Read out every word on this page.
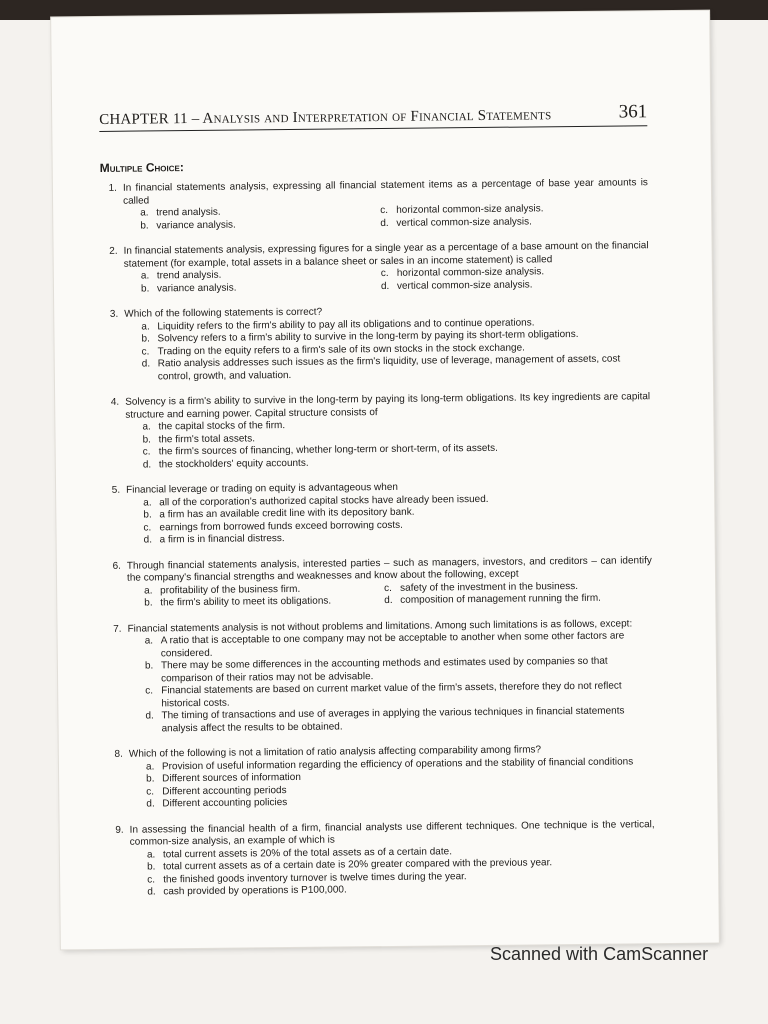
CHAPTER 11 – Analysis and Interpretation of Financial Statements	361
Multiple Choice:
1. In financial statements analysis, expressing all financial statement items as a percentage of base year amounts is called
a. trend analysis.	c. horizontal common-size analysis.
b. variance analysis.	d. vertical common-size analysis.
2. In financial statements analysis, expressing figures for a single year as a percentage of a base amount on the financial statement (for example, total assets in a balance sheet or sales in an income statement) is called
a. trend analysis.	c. horizontal common-size analysis.
b. variance analysis.	d. vertical common-size analysis.
3. Which of the following statements is correct?
a. Liquidity refers to the firm's ability to pay all its obligations and to continue operations.
b. Solvency refers to a firm's ability to survive in the long-term by paying its short-term obligations.
c. Trading on the equity refers to a firm's sale of its own stocks in the stock exchange.
d. Ratio analysis addresses such issues as the firm's liquidity, use of leverage, management of assets, cost control, growth, and valuation.
4. Solvency is a firm's ability to survive in the long-term by paying its long-term obligations. Its key ingredients are capital structure and earning power. Capital structure consists of
a. the capital stocks of the firm.
b. the firm's total assets.
c. the firm's sources of financing, whether long-term or short-term, of its assets.
d. the stockholders' equity accounts.
5. Financial leverage or trading on equity is advantageous when
a. all of the corporation's authorized capital stocks have already been issued.
b. a firm has an available credit line with its depository bank.
c. earnings from borrowed funds exceed borrowing costs.
d. a firm is in financial distress.
6. Through financial statements analysis, interested parties – such as managers, investors, and creditors – can identify the company's financial strengths and weaknesses and know about the following, except
a. profitability of the business firm.	c. safety of the investment in the business.
b. the firm's ability to meet its obligations.	d. composition of management running the firm.
7. Financial statements analysis is not without problems and limitations. Among such limitations is as follows, except:
a. A ratio that is acceptable to one company may not be acceptable to another when some other factors are considered.
b. There may be some differences in the accounting methods and estimates used by companies so that comparison of their ratios may not be advisable.
c. Financial statements are based on current market value of the firm's assets, therefore they do not reflect historical costs.
d. The timing of transactions and use of averages in applying the various techniques in financial statements analysis affect the results to be obtained.
8. Which of the following is not a limitation of ratio analysis affecting comparability among firms?
a. Provision of useful information regarding the efficiency of operations and the stability of financial conditions
b. Different sources of information
c. Different accounting periods
d. Different accounting policies
9. In assessing the financial health of a firm, financial analysts use different techniques. One technique is the vertical, common-size analysis, an example of which is
a. total current assets is 20% of the total assets as of a certain date.
b. total current assets as of a certain date is 20% greater compared with the previous year.
c. the finished goods inventory turnover is twelve times during the year.
d. cash provided by operations is P100,000.
Scanned with CamScanner
